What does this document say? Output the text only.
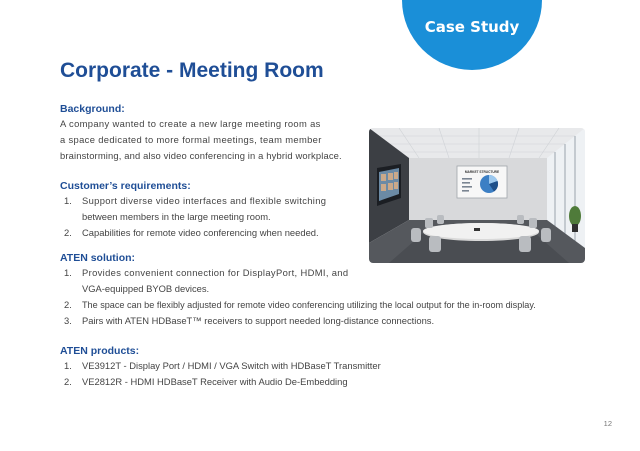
Case Study
Corporate - Meeting Room

Background:

A company wanted to create a new large meeting room as

a space dedicated to more formal meetings, team member

brainstorming, and also video conferencing in a hybrid workplace.

Customer’s requirements:

1. Support diverse video interfaces and flexible switching
between members in the large meeting room.
2. Capabilities for remote video conferencing when needed.

ATEN solution:

1. Provides convenient connection for DisplayPort, HDMI, and
VGA-equipped BYOB devices.
2. The space can be flexibly adjusted for remote video conferencing utilizing the local output for the in-room display.
3. Pairs with ATEN HDBaseT™ receivers to support needed long-distance connections.

ATEN products:

1. VE3912T - Display Port / HDMI / VGA Switch with HDBaseT Transmitter
2. VE2812R - HDMI HDBaseT Receiver with Audio De-Embedding
MARKET STRUCTURE
12
